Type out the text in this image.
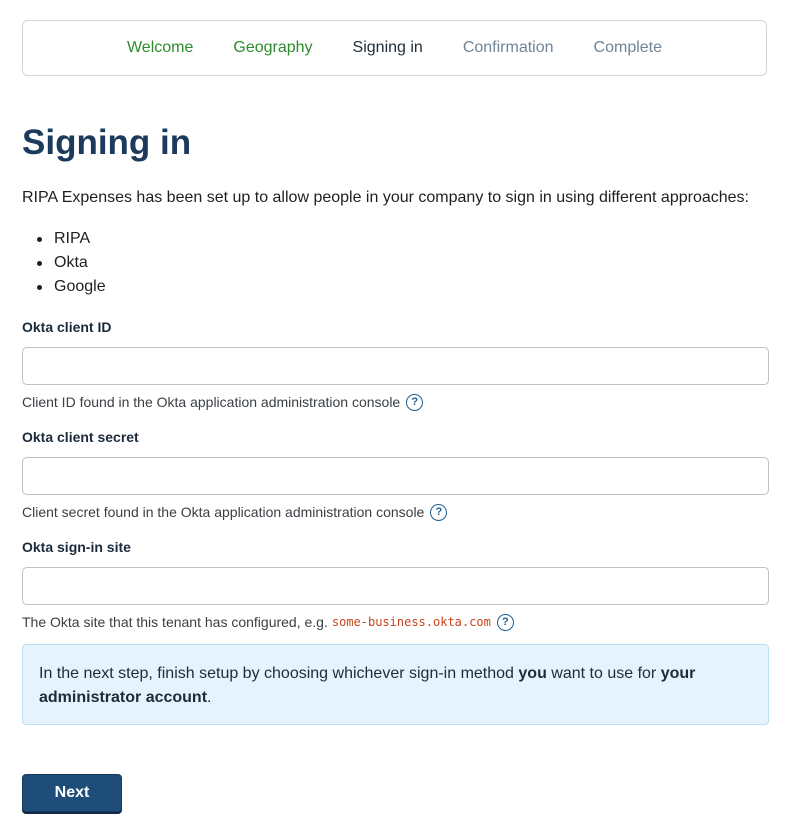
Welcome	Geography	Signing in	Confirmation	Complete
Signing in

RIPA Expenses has been set up to allow people in your company to sign in using different approaches:

RIPA
Okta
Google
Okta client ID
Client ID found in the Okta application administration console	?
Okta client secret
Client secret found in the Okta application administration console	?
Okta sign-in site
The Okta site that this tenant has configured, e.g. some-business.okta.com	?
In the next step, finish setup by choosing whichever sign-in method you want to use for your administrator account.
Next
